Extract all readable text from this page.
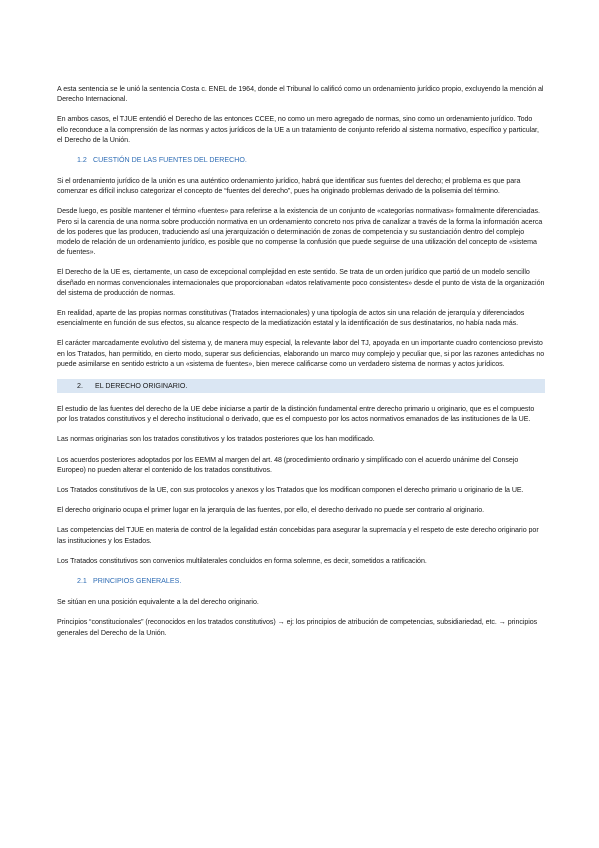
A esta sentencia se le unió la sentencia Costa c. ENEL de 1964, donde el Tribunal lo calificó como un ordenamiento jurídico propio, excluyendo la mención al Derecho Internacional.

En ambos casos, el TJUE entendió el Derecho de las entonces CCEE, no como un mero agregado de normas, sino como un ordenamiento jurídico. Todo ello reconduce a la comprensión de las normas y actos jurídicos de la UE a un tratamiento de conjunto referido al sistema normativo, específico y particular, el Derecho de la Unión.

1.2 CUESTIÓN DE LAS FUENTES DEL DERECHO.

Si el ordenamiento jurídico de la unión es una auténtico ordenamiento jurídico, habrá que identificar sus fuentes del derecho; el problema es que para comenzar es difícil incluso categorizar el concepto de “fuentes del derecho”, pues ha originado problemas derivado de la polisemia del término.

Desde luego, es posible mantener el término «fuentes» para referirse a la existencia de un conjunto de «categorías normativas» formalmente diferenciadas. Pero si la carencia de una norma sobre producción normativa en un ordenamiento concreto nos priva de canalizar a través de la forma la información acerca de los poderes que las producen, traduciendo así una jerarquización o determinación de zonas de competencia y su sustanciación dentro del complejo modelo de relación de un ordenamiento jurídico, es posible que no compense la confusión que puede seguirse de una utilización del concepto de «sistema de fuentes».

El Derecho de la UE es, ciertamente, un caso de excepcional complejidad en este sentido. Se trata de un orden jurídico que partió de un modelo sencillo diseñado en normas convencionales internacionales que proporcionaban «datos relativamente poco consistentes» desde el punto de vista de la organización del sistema de producción de normas.

En realidad, aparte de las propias normas constitutivas (Tratados internacionales) y una tipología de actos sin una relación de jerarquía y diferenciados esencialmente en función de sus efectos, su alcance respecto de la mediatización estatal y la identificación de sus destinatarios, no había nada más.

El carácter marcadamente evolutivo del sistema y, de manera muy especial, la relevante labor del TJ, apoyada en un importante cuadro contencioso previsto en los Tratados, han permitido, en cierto modo, superar sus deficiencias, elaborando un marco muy complejo y peculiar que, si por las razones antedichas no puede asimilarse en sentido estricto a un «sistema de fuentes», bien merece calificarse como un verdadero sistema de normas y actos jurídicos.

2. EL DERECHO ORIGINARIO.

El estudio de las fuentes del derecho de la UE debe iniciarse a partir de la distinción fundamental entre derecho primario u originario, que es el compuesto por los tratados constitutivos y el derecho institucional o derivado, que es el compuesto por los actos normativos emanados de las instituciones de la UE.

Las normas originarias son los tratados constitutivos y los tratados posteriores que los han modificado.

Los acuerdos posteriores adoptados por los EEMM al margen del art. 48 (procedimiento ordinario y simplificado con el acuerdo unánime del Consejo Europeo) no pueden alterar el contenido de los tratados constitutivos.

Los Tratados constitutivos de la UE, con sus protocolos y anexos y los Tratados que los modifican componen el derecho primario u originario de la UE.

El derecho originario ocupa el primer lugar en la jerarquía de las fuentes, por ello, el derecho derivado no puede ser contrario al originario.

Las competencias del TJUE en materia de control de la legalidad están concebidas para asegurar la supremacía y el respeto de este derecho originario por las instituciones y los Estados.

Los Tratados constitutivos son convenios multilaterales concluidos en forma solemne, es decir, sometidos a ratificación.

2.1 PRINCIPIOS GENERALES.

Se sitúan en una posición equivalente a la del derecho originario.

Principios “constitucionales” (reconocidos en los tratados constitutivos) → ej: los principios de atribución de competencias, subsidiariedad, etc. → principios generales del Derecho de la Unión.
